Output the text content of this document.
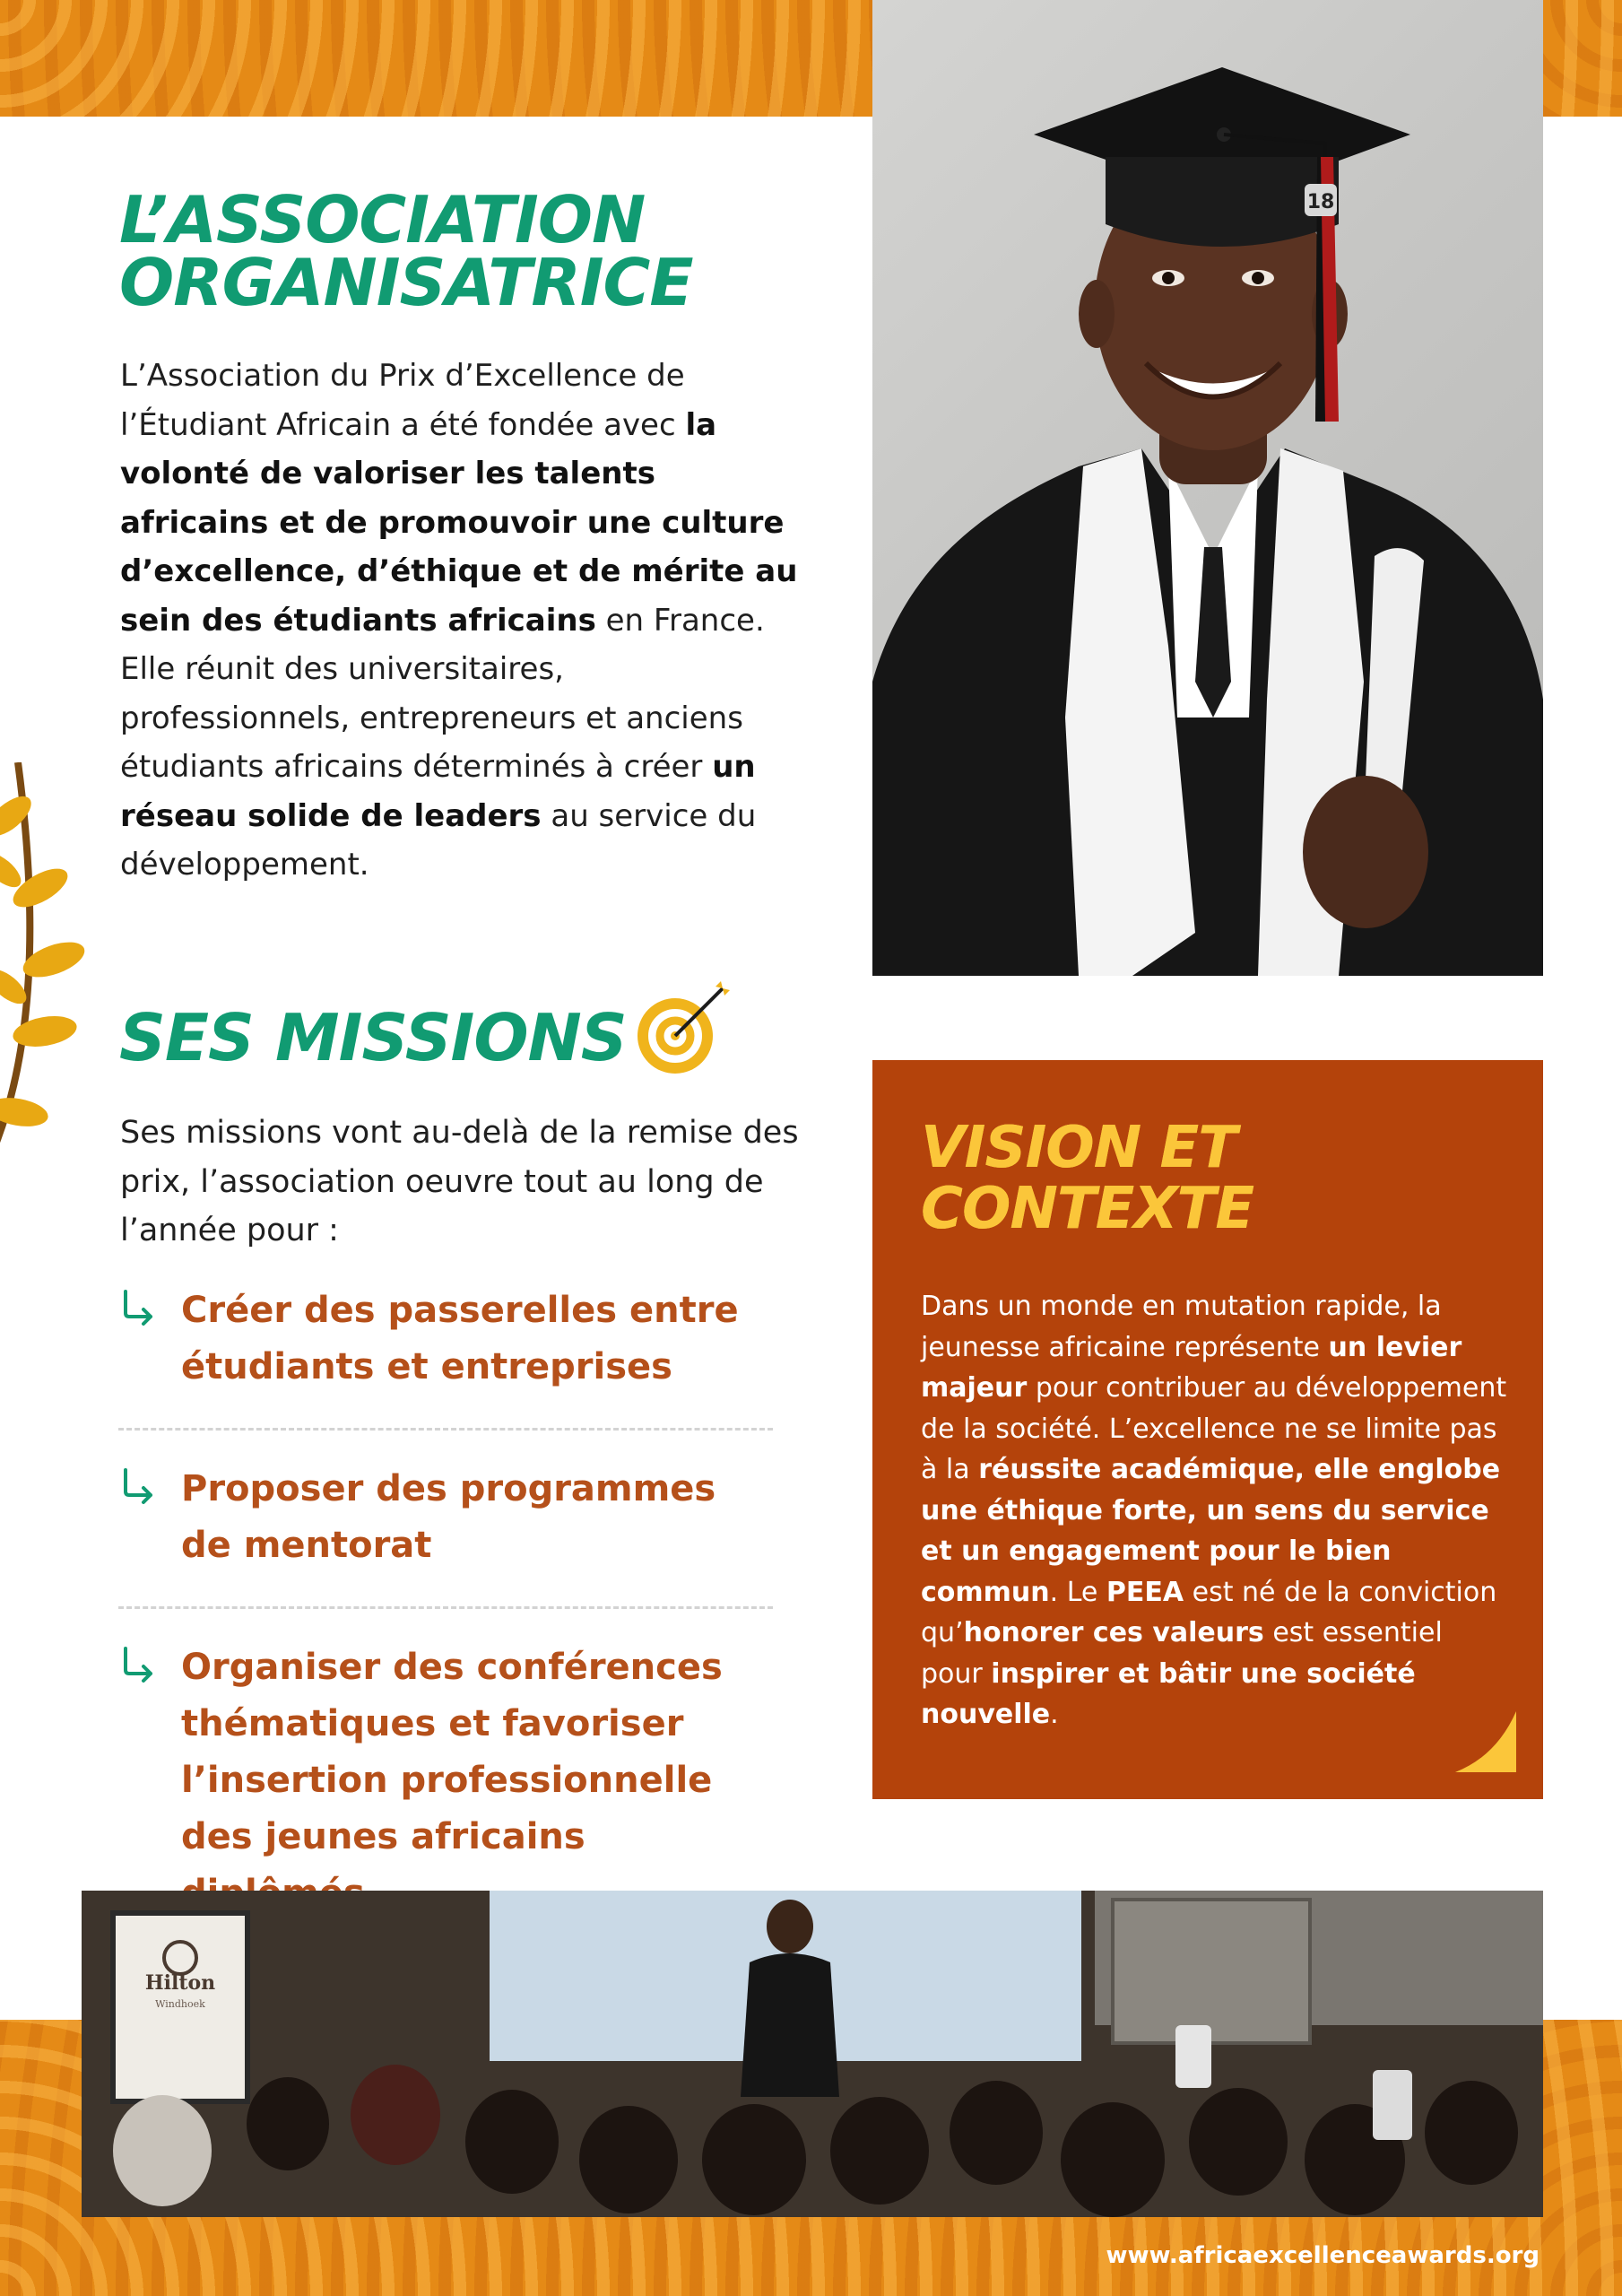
18
L’ASSOCIATION
ORGANISATRICE
L’Association du Prix d’Excellence de l’Étudiant Africain a été fondée avec la volonté de valoriser les talents africains et de promouvoir une culture d’excellence, d’éthique et de mérite au sein des étudiants africains en France. Elle réunit des universitaires, professionnels, entrepreneurs et anciens étudiants africains déterminés à créer un réseau solide de leaders au service du développement.
SES MISSIONS
Ses missions vont au-delà de la remise des prix, l’association oeuvre tout au long de l’année pour :
Créer des passerelles entre étudiants et entreprises
Proposer des programmes de mentorat
Organiser des conférences thématiques et favoriser l’insertion professionnelle des jeunes africains
VISION ET
CONTEXTE
Dans un monde en mutation rapide, la jeunesse africaine représente un levier majeur pour contribuer au développement de la société. L’excellence ne se limite pas à la réussite académique, elle englobe une éthique forte, un sens du service et un engagement pour le bien commun. Le PEEA est né de la conviction qu’honorer ces valeurs est essentiel pour inspirer et bâtir une société nouvelle.
Hilton
Windhoek
www.africaexcellenceawards.org
